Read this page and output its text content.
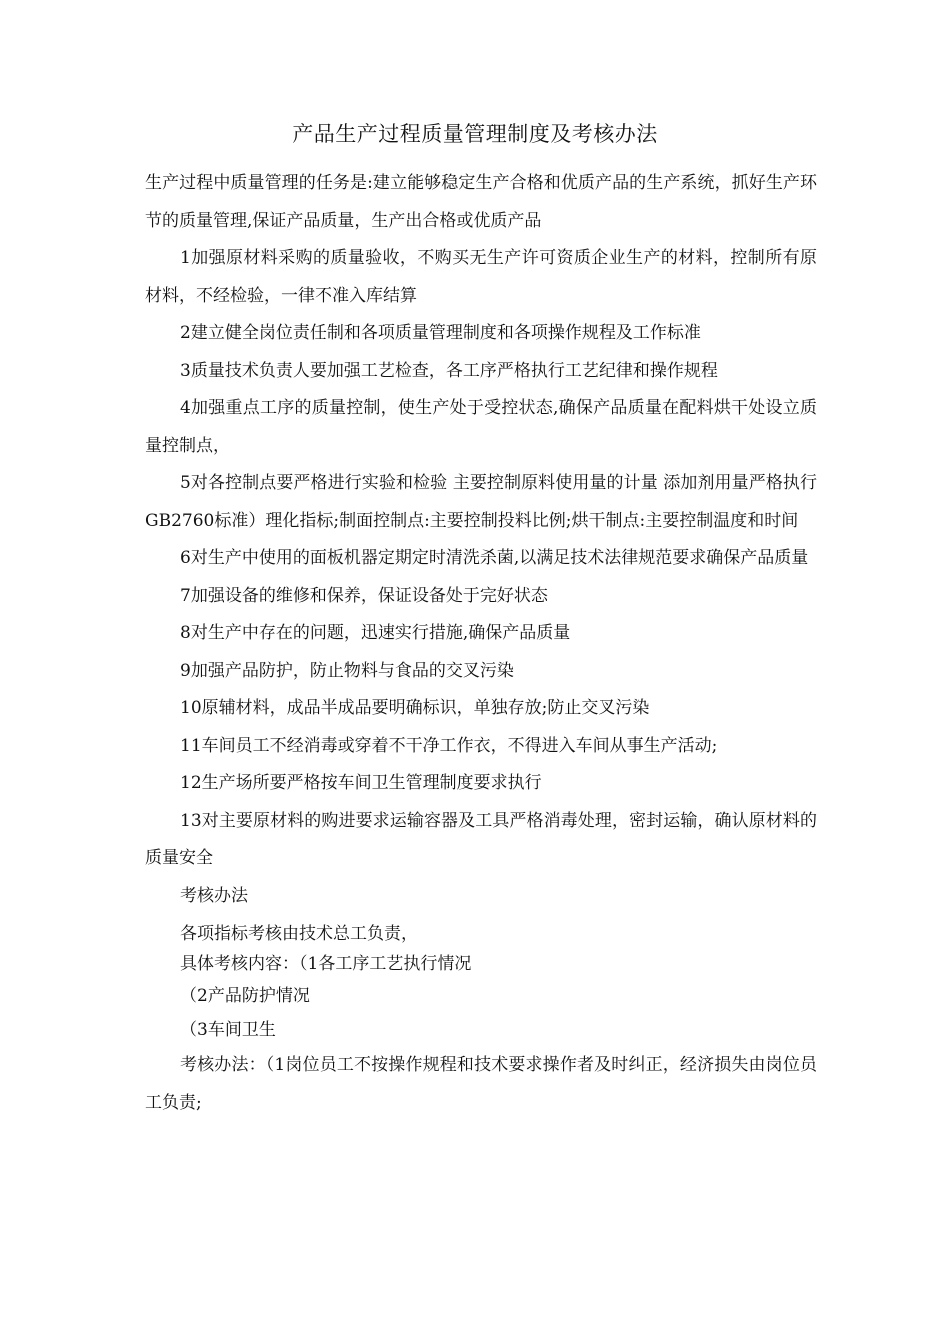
产品生产过程质量管理制度及考核办法

生产过程中质量管理的任务是:建立能够稳定生产合格和优质产品的生产系统，抓好生产环节的质量管理,保证产品质量，生产出合格或优质产品

1加强原材料采购的质量验收，不购买无生产许可资质企业生产的材料，控制所有原材料，不经检验，一律不准入库结算

2建立健全岗位责任制和各项质量管理制度和各项操作规程及工作标准

3质量技术负责人要加强工艺检查，各工序严格执行工艺纪律和操作规程

4加强重点工序的质量控制，使生产处于受控状态,确保产品质量在配料烘干处设立质量控制点，

5对各控制点要严格进行实验和检验 主要控制原料使用量的计量 添加剂用量严格执行GB2760标准）理化指标;制面控制点:主要控制投料比例;烘干制点:主要控制温度和时间

6对生产中使用的面板机器定期定时清洗杀菌,以满足技术法律规范要求确保产品质量

7加强设备的维修和保养，保证设备处于完好状态

8对生产中存在的问题，迅速实行措施,确保产品质量

9加强产品防护，防止物料与食品的交叉污染

10原辅材料，成品半成品要明确标识，单独存放;防止交叉污染

11车间员工不经消毒或穿着不干净工作衣，不得进入车间从事生产活动;

12生产场所要严格按车间卫生管理制度要求执行

13对主要原材料的购进要求运输容器及工具严格消毒处理，密封运输，确认原材料的质量安全

考核办法

各项指标考核由技术总工负责，

具体考核内容：（1各工序工艺执行情况

（2产品防护情况

（3车间卫生

考核办法：（1岗位员工不按操作规程和技术要求操作者及时纠正，经济损失由岗位员工负责;
